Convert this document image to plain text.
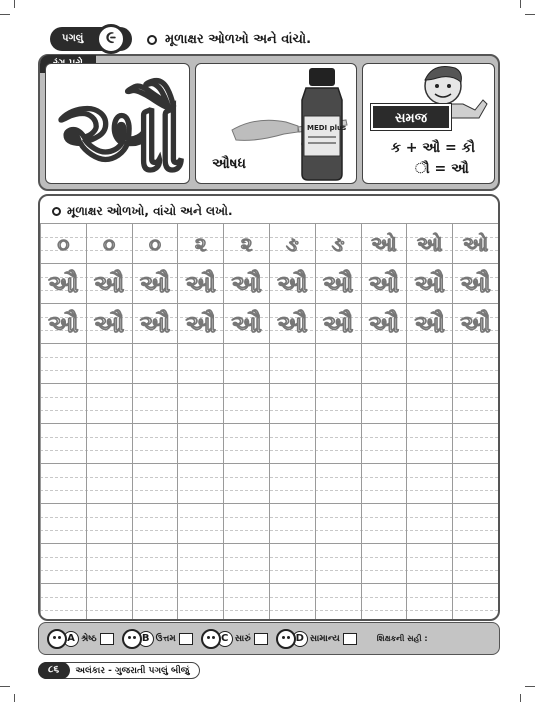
પગલું	૯	મૂળાક્ષર ઓળખો અને વાંચો.
ઔ	MEDI plus
ઔષધ
સમજ
ક + ઔ = કૌ
ૌ = ઔ
મૂળાક્ષર ઓળખો, વાંચો અને લખો.
૦ ૦ ૦ ૨ ૨ ઙ ઙ ઓ ઓ ઓ
ઔ ઔ ઔ ઔ ઔ ઔ ઔ ઔ ઔ ઔ
ઔ ઔ ઔ ઔ ઔ ઔ ઔ ઔ ઔ ઔ
A શ્રેષ્ઠ	B ઉત્તમ	C સારું	D સામાન્ય	શિક્ષકની સહી :
૮૬	અલંકાર - ગુજરાતી પગલું બીજું
